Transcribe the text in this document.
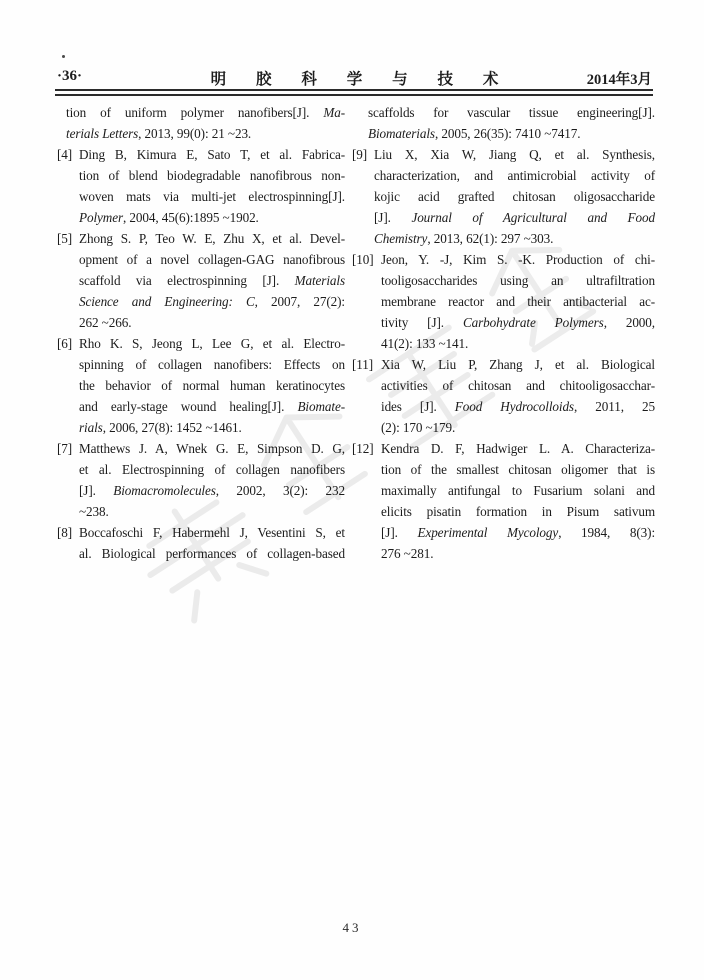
·36·	明 胶 科 学 与 技 术	2014年3月
tion of uniform polymer nanofibers[J]. Ma-
terials Letters, 2013, 99(0): 21 ~23.
[4] Ding B, Kimura E, Sato T, et al. Fabrica-
tion of blend biodegradable nanofibrous non-
woven mats via multi-jet electrospinning[J].
Polymer, 2004, 45(6):1895 ~1902.
[5] Zhong S. P, Teo W. E, Zhu X, et al. Devel-
opment of a novel collagen-GAG nanofibrous
scaffold via electrospinning [J]. Materials
Science and Engineering: C, 2007, 27(2):
262 ~266.
[6] Rho K. S, Jeong L, Lee G, et al. Electro-
spinning of collagen nanofibers: Effects on
the behavior of normal human keratinocytes
and early-stage wound healing[J]. Biomate-
rials, 2006, 27(8): 1452 ~1461.
[7] Matthews J. A, Wnek G. E, Simpson D. G,
et al. Electrospinning of collagen nanofibers
[J]. Biomacromolecules, 2002, 3(2): 232
~238.
[8] Boccafoschi F, Habermehl J, Vesentini S, et
al. Biological performances of collagen-based
scaffolds for vascular tissue engineering[J].
Biomaterials, 2005, 26(35): 7410 ~7417.
[9] Liu X, Xia W, Jiang Q, et al. Synthesis,
characterization, and antimicrobial activity of
kojic acid grafted chitosan oligosaccharide
[J]. Journal of Agricultural and Food
Chemistry, 2013, 62(1): 297 ~303.
[10] Jeon, Y. -J, Kim S. -K. Production of chi-
tooligosaccharides using an ultrafiltration
membrane reactor and their antibacterial ac-
tivity [J]. Carbohydrate Polymers, 2000,
41(2): 133 ~141.
[11] Xia W, Liu P, Zhang J, et al. Biological
activities of chitosan and chitooligosacchar-
ides [J]. Food Hydrocolloids, 2011, 25
(2): 170 ~179.
[12] Kendra D. F, Hadwiger L. A. Characteriza-
tion of the smallest chitosan oligomer that is
maximally antifungal to Fusarium solani and
elicits pisatin formation in Pisum sativum
[J]. Experimental Mycology, 1984, 8(3):
276 ~281.
43
